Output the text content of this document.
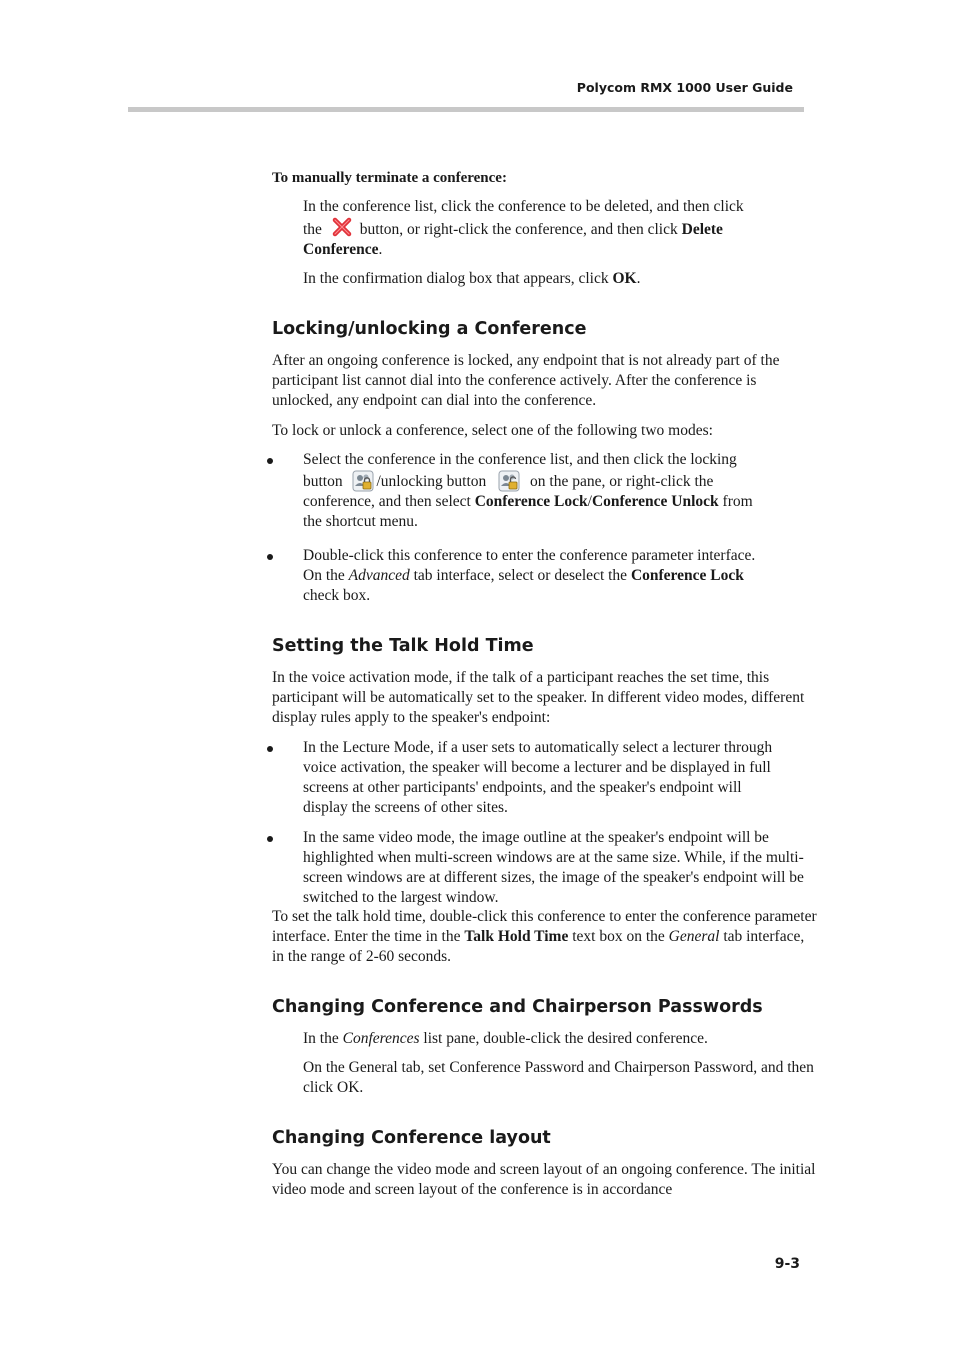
Polycom RMX 1000 User Guide

To manually terminate a conference:

In the conference list, click the conference to be deleted, and then click
the button, or right-click the conference, and then click Delete
Conference.

In the confirmation dialog box that appears, click OK.

Locking/unlocking a Conference

After an ongoing conference is locked, any endpoint that is not already part of the participant list cannot dial into the conference actively. After the conference is unlocked, any endpoint can dial into the conference.

To lock or unlock a conference, select one of the following two modes:

Select the conference in the conference list, and then click the locking
button /unlocking button	on the pane, or right-click the
conference, and then select Conference Lock/Conference Unlock from
the shortcut menu.

Double-click this conference to enter the conference parameter interface.
On the Advanced tab interface, select or deselect the Conference Lock
check box.

Setting the Talk Hold Time

In the voice activation mode, if the talk of a participant reaches the set time, this participant will be automatically set to the speaker. In different video modes, different display rules apply to the speaker's endpoint:

In the Lecture Mode, if a user sets to automatically select a lecturer through voice activation, the speaker will become a lecturer and be displayed in full screens at other participants' endpoints, and the speaker's endpoint will display the screens of other sites.

In the same video mode, the image outline at the speaker's endpoint will be highlighted when multi-screen windows are at the same size. While, if the multi-screen windows are at different sizes, the image of the speaker's endpoint will be switched to the largest window.

To set the talk hold time, double-click this conference to enter the conference parameter interface. Enter the time in the Talk Hold Time text box on the General tab interface, in the range of 2-60 seconds.

Changing Conference and Chairperson Passwords

In the Conferences list pane, double-click the desired conference.

On the General tab, set Conference Password and Chairperson Password, and then click OK.

Changing Conference layout

You can change the video mode and screen layout of an ongoing conference. The initial video mode and screen layout of the conference is in accordance

9-3
